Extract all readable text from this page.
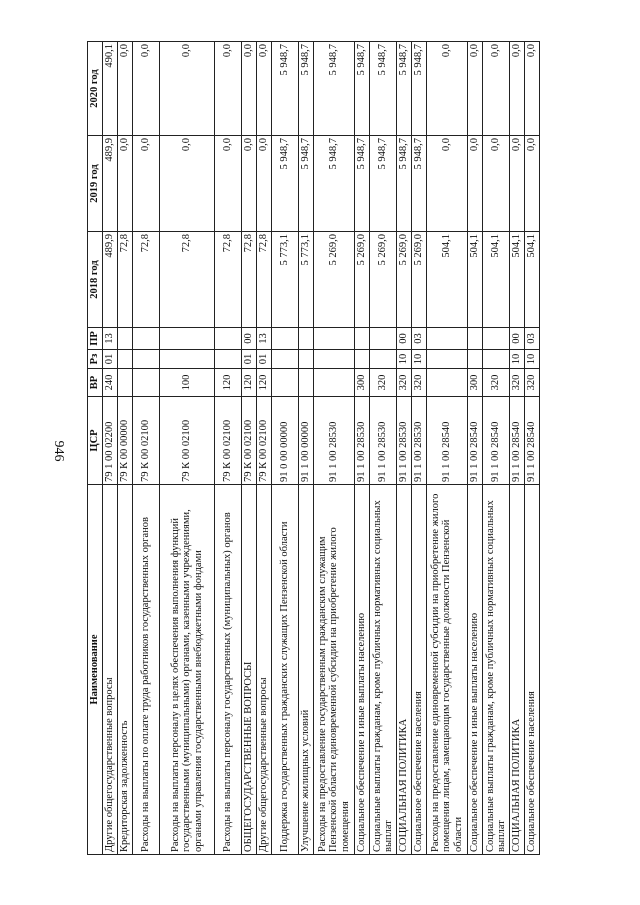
946
Наименование	ЦСР	ВР	Рз	ПР	2018 год	2019 год	2020 год
Другие общегосударственные вопросы	79 1 00 02200	240	01	13	489,9	489,9	490,1
Кредиторская задолженность	79 К 00 00000				72,8	0,0	0,0
Расходы на выплаты по оплате труда работников государственных органов	79 К 00 02100				72,8	0,0	0,0
Расходы на выплаты персоналу в целях обеспечения выполнения функций государственными (муниципальными) органами, казенными учреждениями, органами управления государственными внебюджетными фондами	79 К 00 02100	100			72,8	0,0	0,0
Расходы на выплаты персоналу государственных (муниципальных) органов	79 К 00 02100	120			72,8	0,0	0,0
ОБЩЕГОСУДАРСТВЕННЫЕ ВОПРОСЫ	79 К 00 02100	120	01	00	72,8	0,0	0,0
Другие общегосударственные вопросы	79 К 00 02100	120	01	13	72,8	0,0	0,0
Поддержка государственных гражданских служащих Пензенской области	91 0 00 00000				5 773,1	5 948,7	5 948,7
Улучшение жилищных условий	91 1 00 00000				5 773,1	5 948,7	5 948,7
Расходы на предоставление государственным гражданским служащим Пензенской области единовременной субсидии на приобретение жилого помещения	91 1 00 28530				5 269,0	5 948,7	5 948,7
Социальное обеспечение и иные выплаты населению	91 1 00 28530	300			5 269,0	5 948,7	5 948,7
Социальные выплаты гражданам, кроме публичных нормативных социальных выплат	91 1 00 28530	320			5 269,0	5 948,7	5 948,7
СОЦИАЛЬНАЯ ПОЛИТИКА	91 1 00 28530	320	10	00	5 269,0	5 948,7	5 948,7
Социальное обеспечение населения	91 1 00 28530	320	10	03	5 269,0	5 948,7	5 948,7
Расходы на предоставление единовременной субсидии на приобретение жилого помещения лицам, замещающим государственные должности Пензенской области	91 1 00 28540				504,1	0,0	0,0
Социальное обеспечение и иные выплаты населению	91 1 00 28540	300			504,1	0,0	0,0
Социальные выплаты гражданам, кроме публичных нормативных социальных выплат	91 1 00 28540	320			504,1	0,0	0,0
СОЦИАЛЬНАЯ ПОЛИТИКА	91 1 00 28540	320	10	00	504,1	0,0	0,0
Социальное обеспечение населения	91 1 00 28540	320	10	03	504,1	0,0	0,0
